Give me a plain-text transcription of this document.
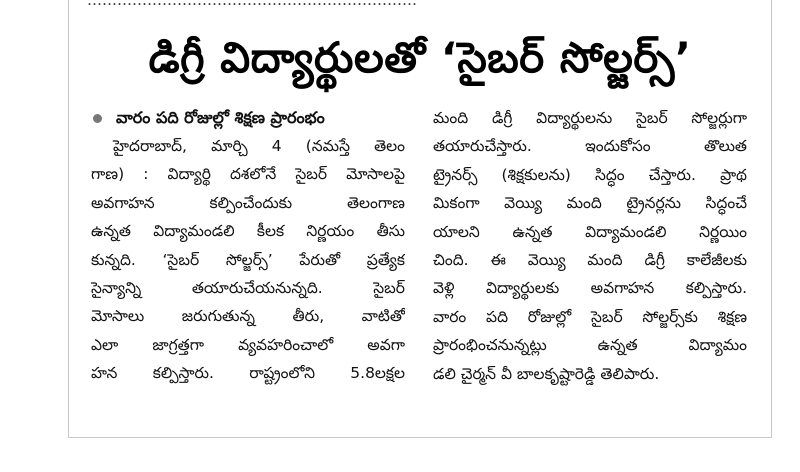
…………………………………………………………
డిగ్రీ విద్యార్థులతో ‘సైబర్ సోల్జర్స్’
వారం పది రోజుల్లో శిక్షణ ప్రారంభం
హైదరాబాద్, మార్చి 4 (నమస్తే తెలం
గాణ) : విద్యార్థి దశలోనే సైబర్ మోసాలపై
అవగాహన కల్పించేందుకు తెలంగాణ
ఉన్నత విద్యామండలి కీలక నిర్ణయం తీసు
కున్నది. ‘సైబర్ సోల్జర్స్’ పేరుతో ప్రత్యేక
సైన్యాన్ని తయారుచేయనున్నది. సైబర్
మోసాలు జరుగుతున్న తీరు, వాటితో
ఎలా జాగ్రత్తగా వ్యవహరించాలో అవగా
హన కల్పిస్తారు. రాష్ట్రంలోని 5.8లక్షల
మంది డిగ్రీ విద్యార్థులను సైబర్ సోల్జర్లుగా
తయారుచేస్తారు. ఇందుకోసం తొలుత
ట్రైనర్స్ (శిక్షకులను) సిద్ధం చేస్తారు. ప్రాథ
మికంగా వెయ్యి మంది ట్రైనర్లను సిద్ధంచే
యాలని ఉన్నత విద్యామండలి నిర్ణయిం
చింది. ఈ వెయ్యి మంది డిగ్రీ కాలేజీలకు
వెళ్లి విద్యార్థులకు అవగాహన కల్పిస్తారు.
వారం పది రోజుల్లో సైబర్ సోల్జర్స్‌కు శిక్షణ
ప్రారంభించనున్నట్లు ఉన్నత విద్యామం
డలి చైర్మన్ వీ బాలకృష్టారెడ్డి తెలిపారు.
